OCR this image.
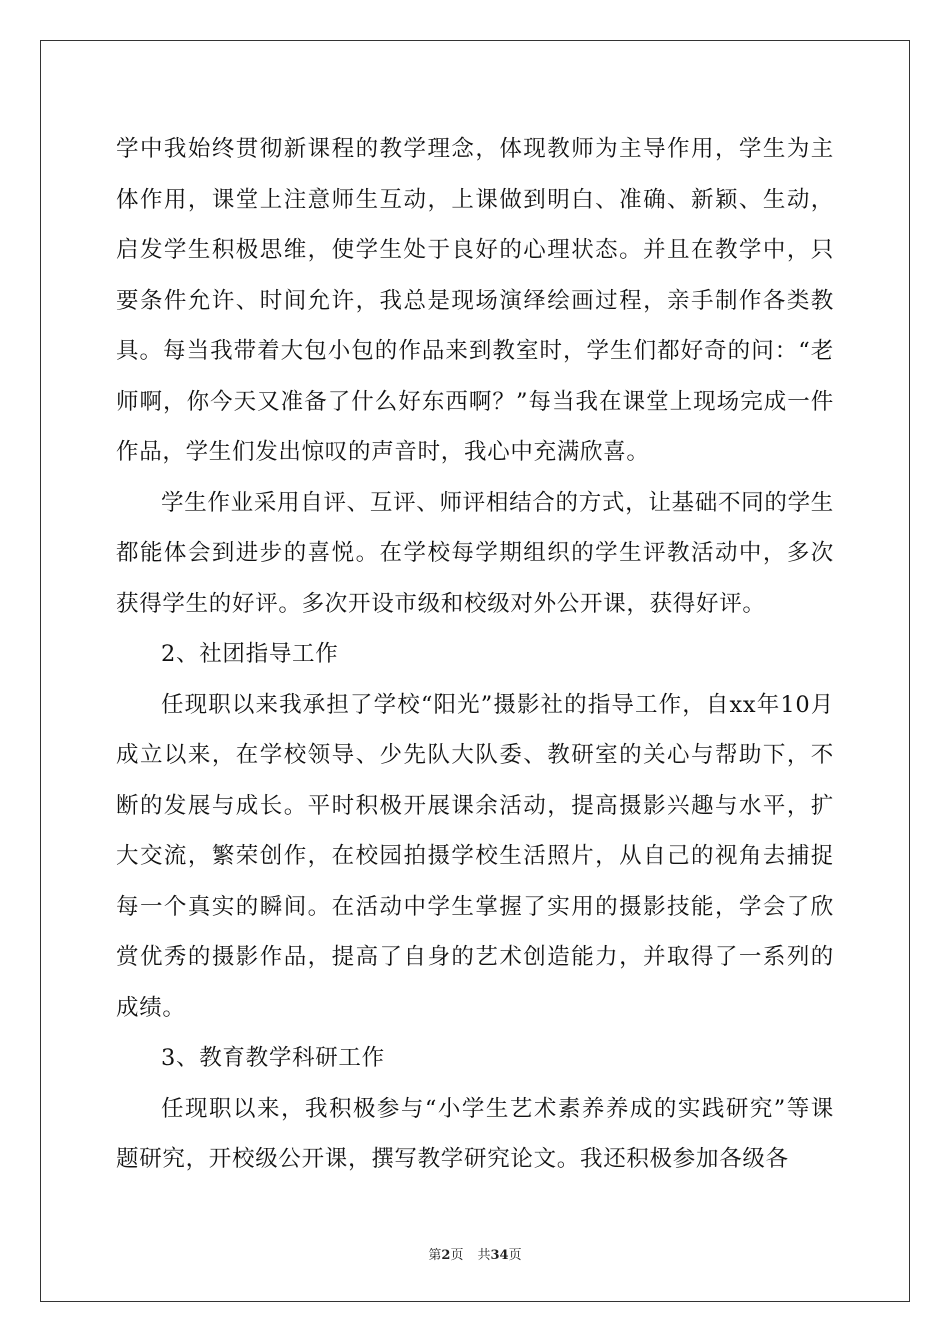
学中我始终贯彻新课程的教学理念，体现教师为主导作用，学生为主体作用，课堂上注意师生互动，上课做到明白、准确、新颖、生动，启发学生积极思维，使学生处于良好的心理状态。并且在教学中，只要条件允许、时间允许，我总是现场演绎绘画过程，亲手制作各类教具。每当我带着大包小包的作品来到教室时，学生们都好奇的问：“老师啊，你今天又准备了什么好东西啊？”每当我在课堂上现场完成一件作品，学生们发出惊叹的声音时，我心中充满欣喜。

学生作业采用自评、互评、师评相结合的方式，让基础不同的学生都能体会到进步的喜悦。在学校每学期组织的学生评教活动中，多次获得学生的好评。多次开设市级和校级对外公开课，获得好评。

2、社团指导工作

任现职以来我承担了学校“阳光”摄影社的指导工作，自xx年10月成立以来，在学校领导、少先队大队委、教研室的关心与帮助下，不断的发展与成长。平时积极开展课余活动，提高摄影兴趣与水平，扩大交流，繁荣创作，在校园拍摄学校生活照片，从自己的视角去捕捉每一个真实的瞬间。在活动中学生掌握了实用的摄影技能，学会了欣赏优秀的摄影作品，提高了自身的艺术创造能力，并取得了一系列的成绩。

3、教育教学科研工作

任现职以来，我积极参与“小学生艺术素养养成的实践研究”等课题研究，开校级公开课，撰写教学研究论文。我还积极参加各级各

第2页 共34页
